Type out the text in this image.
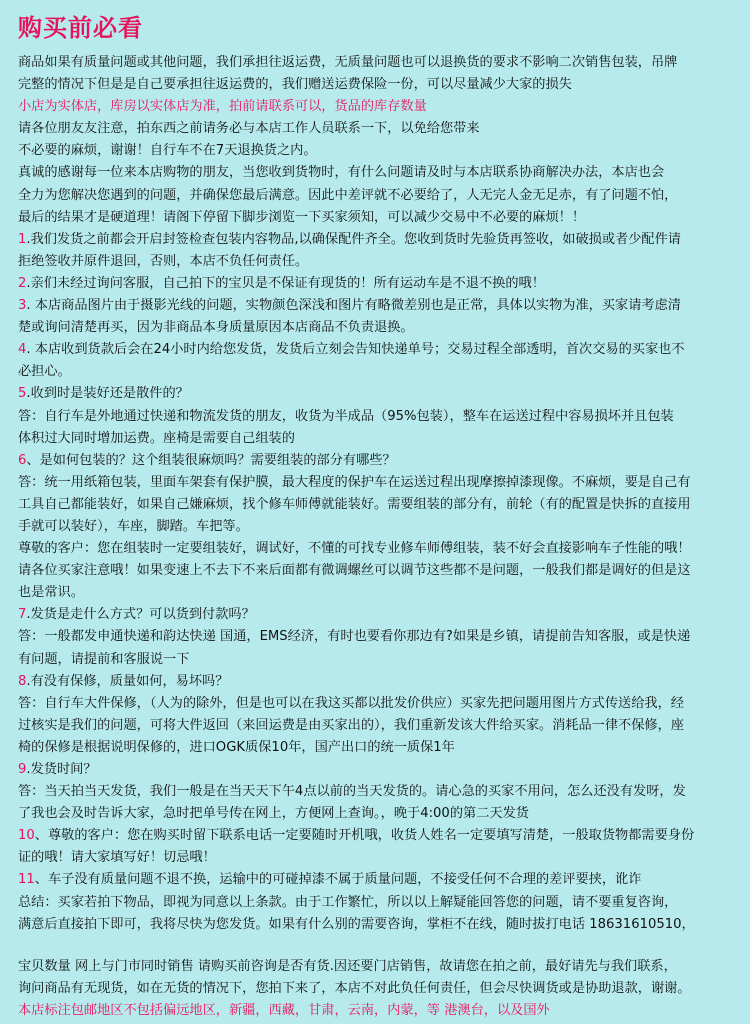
购买前必看
商品如果有质量问题或其他问题，我们承担往返运费，无质量问题也可以退换货的要求不影响二次销售包装，吊牌
完整的情况下但是是自己要承担往返运费的，我们赠送运费保险一份，可以尽量减少大家的损失
小店为实体店，库房以实体店为准，拍前请联系可以，货品的库存数量
请各位朋友友注意，拍东西之前请务必与本店工作人员联系一下，以免给您带来
不必要的麻烦，谢谢！自行车不在7天退换货之内。
真诚的感谢每一位来本店购物的朋友，当您收到货物时，有什么问题请及时与本店联系协商解决办法，本店也会
全力为您解决您遇到的问题，并确保您最后满意。因此中差评就不必要给了，人无完人金无足赤，有了问题不怕，
最后的结果才是硬道理！请阁下停留下脚步浏览一下买家须知，可以减少交易中不必要的麻烦！！
1.我们发货之前都会开启封签检查包装内容物品,以确保配件齐全。您收到货时先验货再签收，如破损或者少配件请
拒绝签收并原件退回，否则，本店不负任何责任。
2.亲们未经过询问客服，自己拍下的宝贝是不保证有现货的！所有运动车是不退不换的哦！
3. 本店商品图片由于摄影光线的问题，实物颜色深浅和图片有略微差别也是正常，具体以实物为准，买家请考虑清
楚或询问清楚再买，因为非商品本身质量原因本店商品不负责退换。
4. 本店收到货款后会在24小时内给您发货，发货后立刻会告知快递单号；交易过程全部透明，首次交易的买家也不
必担心。
5.收到时是装好还是散件的？
答：自行车是外地通过快递和物流发货的朋友，收货为半成品（95%包装），整车在运送过程中容易损坏并且包装
体积过大同时增加运费。座椅是需要自己组装的
6、是如何包装的？这个组装很麻烦吗？需要组装的部分有哪些？
答：统一用纸箱包装，里面车架套有保护膜，最大程度的保护车在运送过程出现摩擦掉漆现像。不麻烦，要是自己有
工具自己都能装好，如果自己嫌麻烦，找个修车师傅就能装好。需要组装的部分有，前轮（有的配置是快拆的直接用
手就可以装好），车座，脚踏。车把等。
尊敬的客户：您在组装时一定要组装好，调试好，不懂的可找专业修车师傅组装，装不好会直接影响车子性能的哦！
请各位买家注意哦！如果变速上不去下不来后面都有微调螺丝可以调节这些都不是问题，一般我们都是调好的但是这
也是常识。
7.发货是走什么方式？可以货到付款吗？
答：一般都发申通快递和韵达快递 国通，EMS经济，有时也要看你那边有?如果是乡镇，请提前告知客服，或是快递
有问题，请提前和客服说一下
8.有没有保修，质量如何，易坏吗？
答：自行车大件保修，（人为的除外，但是也可以在我这买都以批发价供应）买家先把问题用图片方式传送给我，经
过核实是我们的问题，可将大件返回（来回运费是由买家出的），我们重新发该大件给买家。消耗品一律不保修，座
椅的保修是根据说明保修的，进口OGK质保10年，国产出口的统一质保1年
9.发货时间？
答：当天拍当天发货，我们一般是在当天天下午4点以前的当天发货的。请心急的买家不用问，怎么还没有发呀，发
了我也会及时告诉大家，急时把单号传在网上，方便网上查询。，晚于4:00的第二天发货
10、尊敬的客户：您在购买时留下联系电话一定要随时开机哦，收货人姓名一定要填写清楚，一般取货物都需要身份
证的哦！请大家填写好！切忌哦！
11、车子没有质量问题不退不换，运输中的可碰掉漆不属于质量问题，不接受任何不合理的差评要挟，讹诈
总结：买家若拍下物品，即视为同意以上条款。由于工作繁忙，所以以上解疑能回答您的问题，请不要重复咨询，
满意后直接拍下即可，我将尽快为您发货。如果有什么别的需要咨询，掌柜不在线，随时拔打电话 18631610510，
宝贝数量 网上与门市同时销售 请购买前咨询是否有货.因还要门店销售，故请您在拍之前，最好请先与我们联系，
询问商品有无现货，如在无货的情况下，您拍下来了，本店不对此负任何责任，但会尽快调货或是协助退款，谢谢。
本店标注包邮地区不包括偏远地区，新疆，西藏，甘肃，云南，内蒙，等 港澳台，以及国外
